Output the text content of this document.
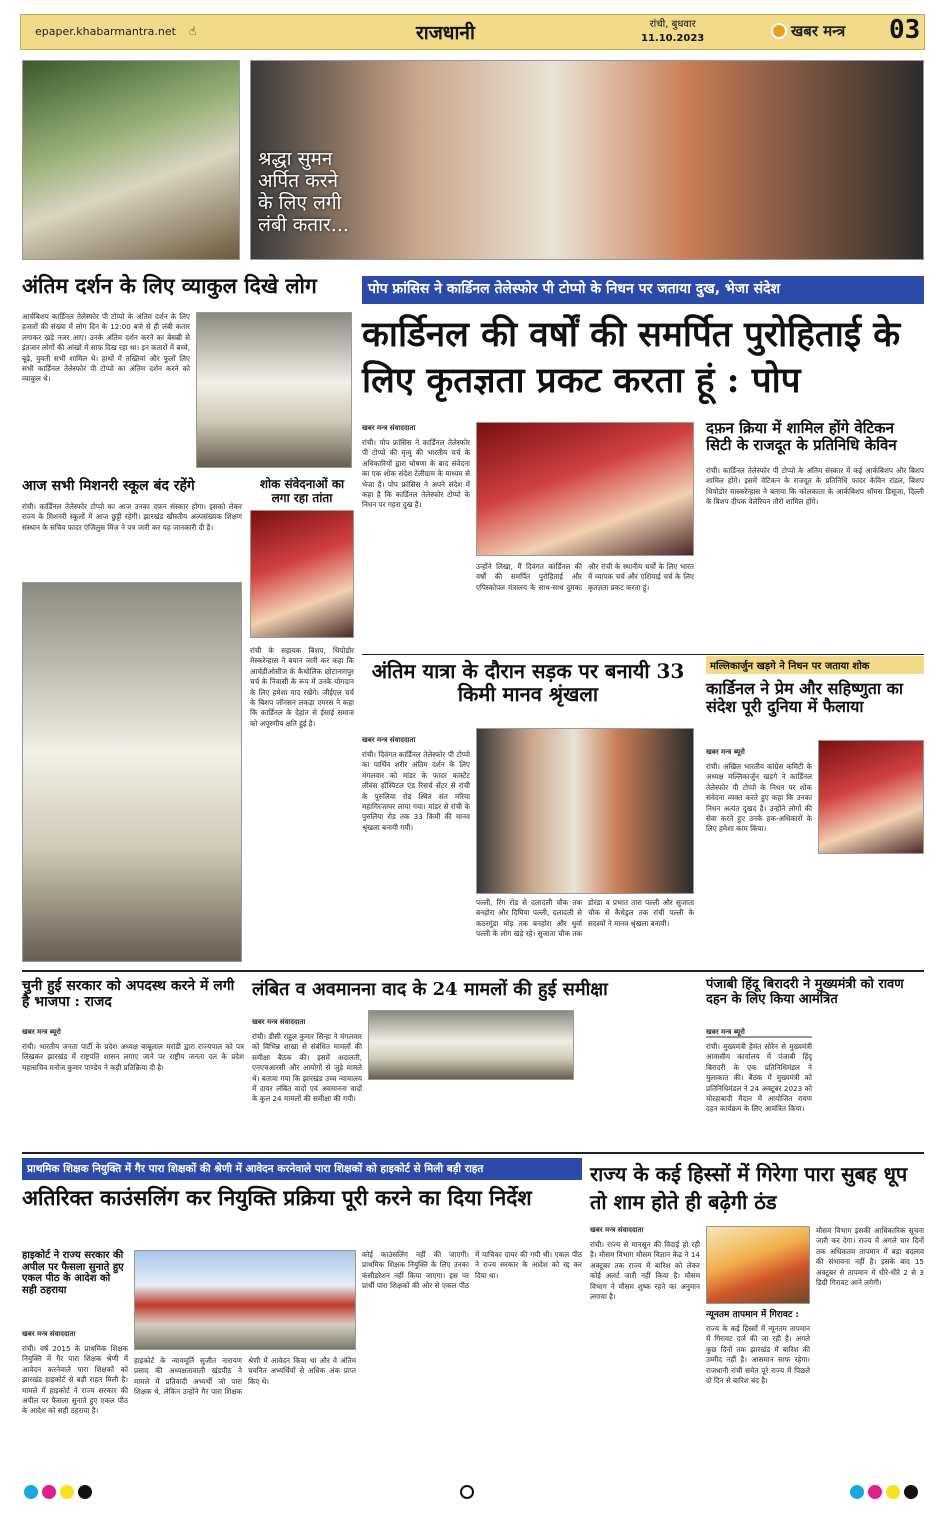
epaper.khabarmantra.net ☝	राजधानी	रांची, बुधवार
11.10.2023	खबर मन्त्र 03
श्रद्धा सुमन अर्पित करने के लिए लगी लंबी कतार...
अंतिम दर्शन के लिए व्याकुल दिखे लोग	पोप फ्रांसिस ने कार्डिनल तेलेस्फोर पी टोप्पो के निधन पर जताया दुख, भेजा संदेश
कार्डिनल की वर्षों की समर्पित पुरोहिताई के लिए कृतज्ञता प्रकट करता हूं : पोप
आर्चबिशप कार्डिनल तेलेस्फोर पी टोप्पो के अंतिम दर्शन के लिए हजारों की संख्या में लोग दिन के 12:00 बजे से ही लंबी कतार लगाकर खड़े नजर आए। उनके अंतिम दर्शन करने का बेसब्री से इंतजार लोगों की आंखों में साफ दिख रहा था। इन कतारों में बच्चे, बूढ़े, युवती सभी शामिल थे। हाथों में तख्तियां और फूलों लिए सभी कार्डिनल तेलेस्फोर पी टोप्पो का अंतिम दर्शन करने को व्याकुल थे।
आज सभी मिशनरी स्कूल बंद रहेंगे
रांची। कार्डिनल तेलेस्फोर टोप्पो का आज उनका दफ़न संस्कार होगा। इसको लेकर राज्य के मिशनरी स्कूलों में आज छुट्टी रहेगी। झारखंड खीस्तीय अल्पसंख्यक शिक्षण संस्थान के सचिव फादर एंजिलुस मिंज ने पत्र जारी कर यह जानकारी दी है।
शोक संवेदनाओं का लगा रहा तांता
रांची के सहायक बिशप, थियोडोर मेस्करेन्हास ने बयान जारी कर कहा कि आर्चडीओसीज के कैथोलिक छोटानागपुर चर्च के निवासी के रूप में उनके योगदान के लिए हमेशा याद रखेंगे। जीईएल चर्च के बिशप जॉनसन लकड़ा एमरस ने कहा कि कार्डिनल के देहांत से ईसाई समाज को अपूरणीय क्षति हुई है।
खबर मन्त्र संवाददाता
रांची। पोप फ्रांसिस ने कार्डिनल तेलेस्फोर पी टोप्पो की मृत्यु की भारतीय चर्च के अधिकारियों द्वारा घोषणा के बाद संवेदना का एक शोक संदेश टेलीग्राम के माध्यम से भेजा है। पोप फ्रांसिस ने अपने संदेश में कहा है कि कार्डिनल तेलेस्फोर टोप्पो के निधन पर गहरा दुख है।
उन्होंने लिखा, मैं दिवंगत कार्डिनल की वर्षों की समर्पित पुरोहिताई और एपिस्कोपल मंत्रालय के साथ-साथ दुमका और रांची के स्थानीय चर्चों के लिए भारत में व्यापक चर्च और एशियाई चर्च के लिए कृतज्ञता प्रकट करता हूं।
दफ़न क्रिया में शामिल होंगे वेटिकन सिटी के राजदूत के प्रतिनिधि केविन
रांची। कार्डिनल तेलेस्फोर पी टोप्पो के अंतिम संस्कार में कई आर्कबिशप और बिशप शामिल होंगे। इसमें वेटिकन के राजदूत के प्रतिनिधि फादर केविन रांडल, बिशप थियोडोर मास्करेन्हास ने बताया कि कोलकाता के आर्कबिशप थॉमस डिसूजा, दिल्ली के बिशप दीपक वेलेरियन तौरो शामिल होंगे।
अंतिम यात्रा के दौरान सड़क पर बनायी 33 किमी मानव श्रृंखला
खबर मन्त्र संवाददाता
रांची। दिवंगत कार्डिनल तेलेस्फोर पी टोप्पो का पार्थिव शरीर अंतिम दर्शन के लिए मंगलवार को मांडर के फादर कांस्टेंट लीवंस हॉस्पिटल एंड रिसर्च सेंटर से रांची के पुरुलिया रोड स्थित संत मरिया महागिरजाघर लाया गया। मांडर से रांची के पुरुलिया रोड तक 33 किमी की मानव श्रृंखला बनायी गयी।
पल्ली, रिंग रोड से दलादली चौक तक बनहोरा और दिघिया पल्ली, दलादली से कठरगुंडा मोड़ तक बनहोरा और धुर्वा पल्ली के लोग खड़े रहे। सुजाता चौक तक डोरंडा व प्रभात तारा पल्ली और सुजाता चौक से कैथेड्रल तक रांची पल्ली के सदस्यों ने मानव श्रृंखला बनायी।
मल्लिकार्जुन खड़गे ने निधन पर जताया शोक
कार्डिनल ने प्रेम और सहिष्णुता का संदेश पूरी दुनिया में फैलाया
खबर मन्त्र ब्यूरो
रांची। अखिल भारतीय कांग्रेस कमिटी के अध्यक्ष मल्लिकार्जुन खड़गे ने कार्डिनल तेलेस्फोर पी टोप्पो के निधन पर शोक संवेदना व्यक्त करते हुए कहा कि उनका निधन अत्यंत दुखद है। उन्होंने लोगों की सेवा करते हुए उनके हक-अधिकारों के लिए हमेशा काम किया।
चुनी हुई सरकार को अपदस्थ करने में लगी है भाजपा : राजद
खबर मन्त्र ब्यूरो
रांची। भारतीय जनता पार्टी के प्रदेश अध्यक्ष बाबूलाल मरांडी द्वारा राज्यपाल को पत्र लिखकर झारखंड में राष्ट्रपति शासन लगाए जाने पर राष्ट्रीय जनता दल के प्रदेश महासचिव मनोज कुमार पाण्डेय ने कड़ी प्रतिक्रिया दी है।
लंबित व अवमानना वाद के 24 मामलों की हुई समीक्षा
खबर मन्त्र संवाददाता
रांची। डीसी राहुल कुमार सिन्हा ने मंगलवार को विभिन्न शाखा से संबंधित मामलों की समीक्षा बैठक की। इसमें अदालती, एनएचआरसी और आयोगों से जुड़े मामले थे। बताया गया कि झारखंड उच्च न्यायालय में दायर लंबित वादों एवं अवमानना वादों के कुल 24 मामलों की समीक्षा की गयी।
पंजाबी हिंदू बिरादरी ने मुख्यमंत्री को रावण दहन के लिए किया आमंत्रित
खबर मन्त्र ब्यूरो
रांची। मुख्यमंत्री हेमंत सोरेन से मुख्यमंत्री आवासीय कार्यालय में पंजाबी हिंदू बिरादरी के एक प्रतिनिधिमंडल ने मुलाकात की। बैठक में मुख्यमंत्री को प्रतिनिधिमंडल ने 24 अक्टूबर 2023 को मोरहाबादी मैदान में आयोजित रावण दहन कार्यक्रम के लिए आमंत्रित किया।
प्राथमिक शिक्षक नियुक्ति में गैर पारा शिक्षकों की श्रेणी में आवेदन करनेवाले पारा शिक्षकों को हाइकोर्ट से मिली बड़ी राहत
अतिरिक्त काउंसलिंग कर नियुक्ति प्रक्रिया पूरी करने का दिया निर्देश
राज्य के कई हिस्सों में गिरेगा पारा सुबह धूप तो शाम होते ही बढ़ेगी ठंड
हाइकोर्ट ने राज्य सरकार की अपील पर फैसला सुनाते हुए एकल पीठ के आदेश को सही ठहराया
खबर मन्त्र संवाददाता
रांची। वर्ष 2015 के प्राथमिक शिक्षक नियुक्ति में गैर पारा शिक्षक श्रेणी में आवेदन करनेवाले पारा शिक्षकों को झारखंड हाइकोर्ट से बड़ी राहत मिली है। मामले में हाइकोर्ट ने राज्य सरकार की अपील पर फैसला सुनाते हुए एकल पीठ के आदेश को सही ठहराया है।
हाइकोर्ट के न्यायमूर्ति सुजीत नारायण प्रसाद की अध्यक्षतावाली खंडपीठ ने मामले में प्रतिवादी अभ्यर्थी जो पारा शिक्षक थे, लेकिन उन्होंने गैर पारा शिक्षक श्रेणी में आवेदन किया था और वे अंतिम चयनित अभ्यर्थियों से अधिक अंक प्राप्त किए थे।
कोई काउंसलिंग नहीं की जाएगी। प्राथमिक शिक्षक नियुक्ति के लिए उनका कंसीडरेशन नहीं किया जाएगा। इस पर प्रार्थी पारा शिक्षकों की ओर से एकल पीठ में याचिका दायर की गयी थी। एकल पीठ ने राज्य सरकार के आदेश को रद्द कर दिया था।
खबर मन्त्र संवाददाता
रांची। राज्य से मानसून की विदाई हो रही है। मौसम विभाग मौसम विज्ञान केंद्र ने 14 अक्टूबर तक राज्य में बारिश को लेकर कोई अलर्ट जारी नहीं किया है। मौसम विभाग ने मौसम शुष्क रहने का अनुमान लगाया है।
न्यूनतम तापमान में गिरावट :
राज्य के कई हिस्सों में न्यूनतम तापमान में गिरावट दर्ज की जा रही है। अगले कुछ दिनों तक झारखंड में बारिश की उम्मीद नहीं है। आसमान साफ रहेगा। राजधानी रांची समेत पूरे राज्य में पिछले दो दिन से बारिश बंद है।
मौसम विभाग इसकी आधिकारिक सूचना जारी कर देगा। राज्य में अगले चार दिनों तक अधिकतम तापमान में बड़ा बदलाव की संभावना नहीं है। इसके बाद 15 अक्टूबर से तापमान में धीरे-धीरे 2 से 3 डिग्री गिरावट आने लगेगी।
